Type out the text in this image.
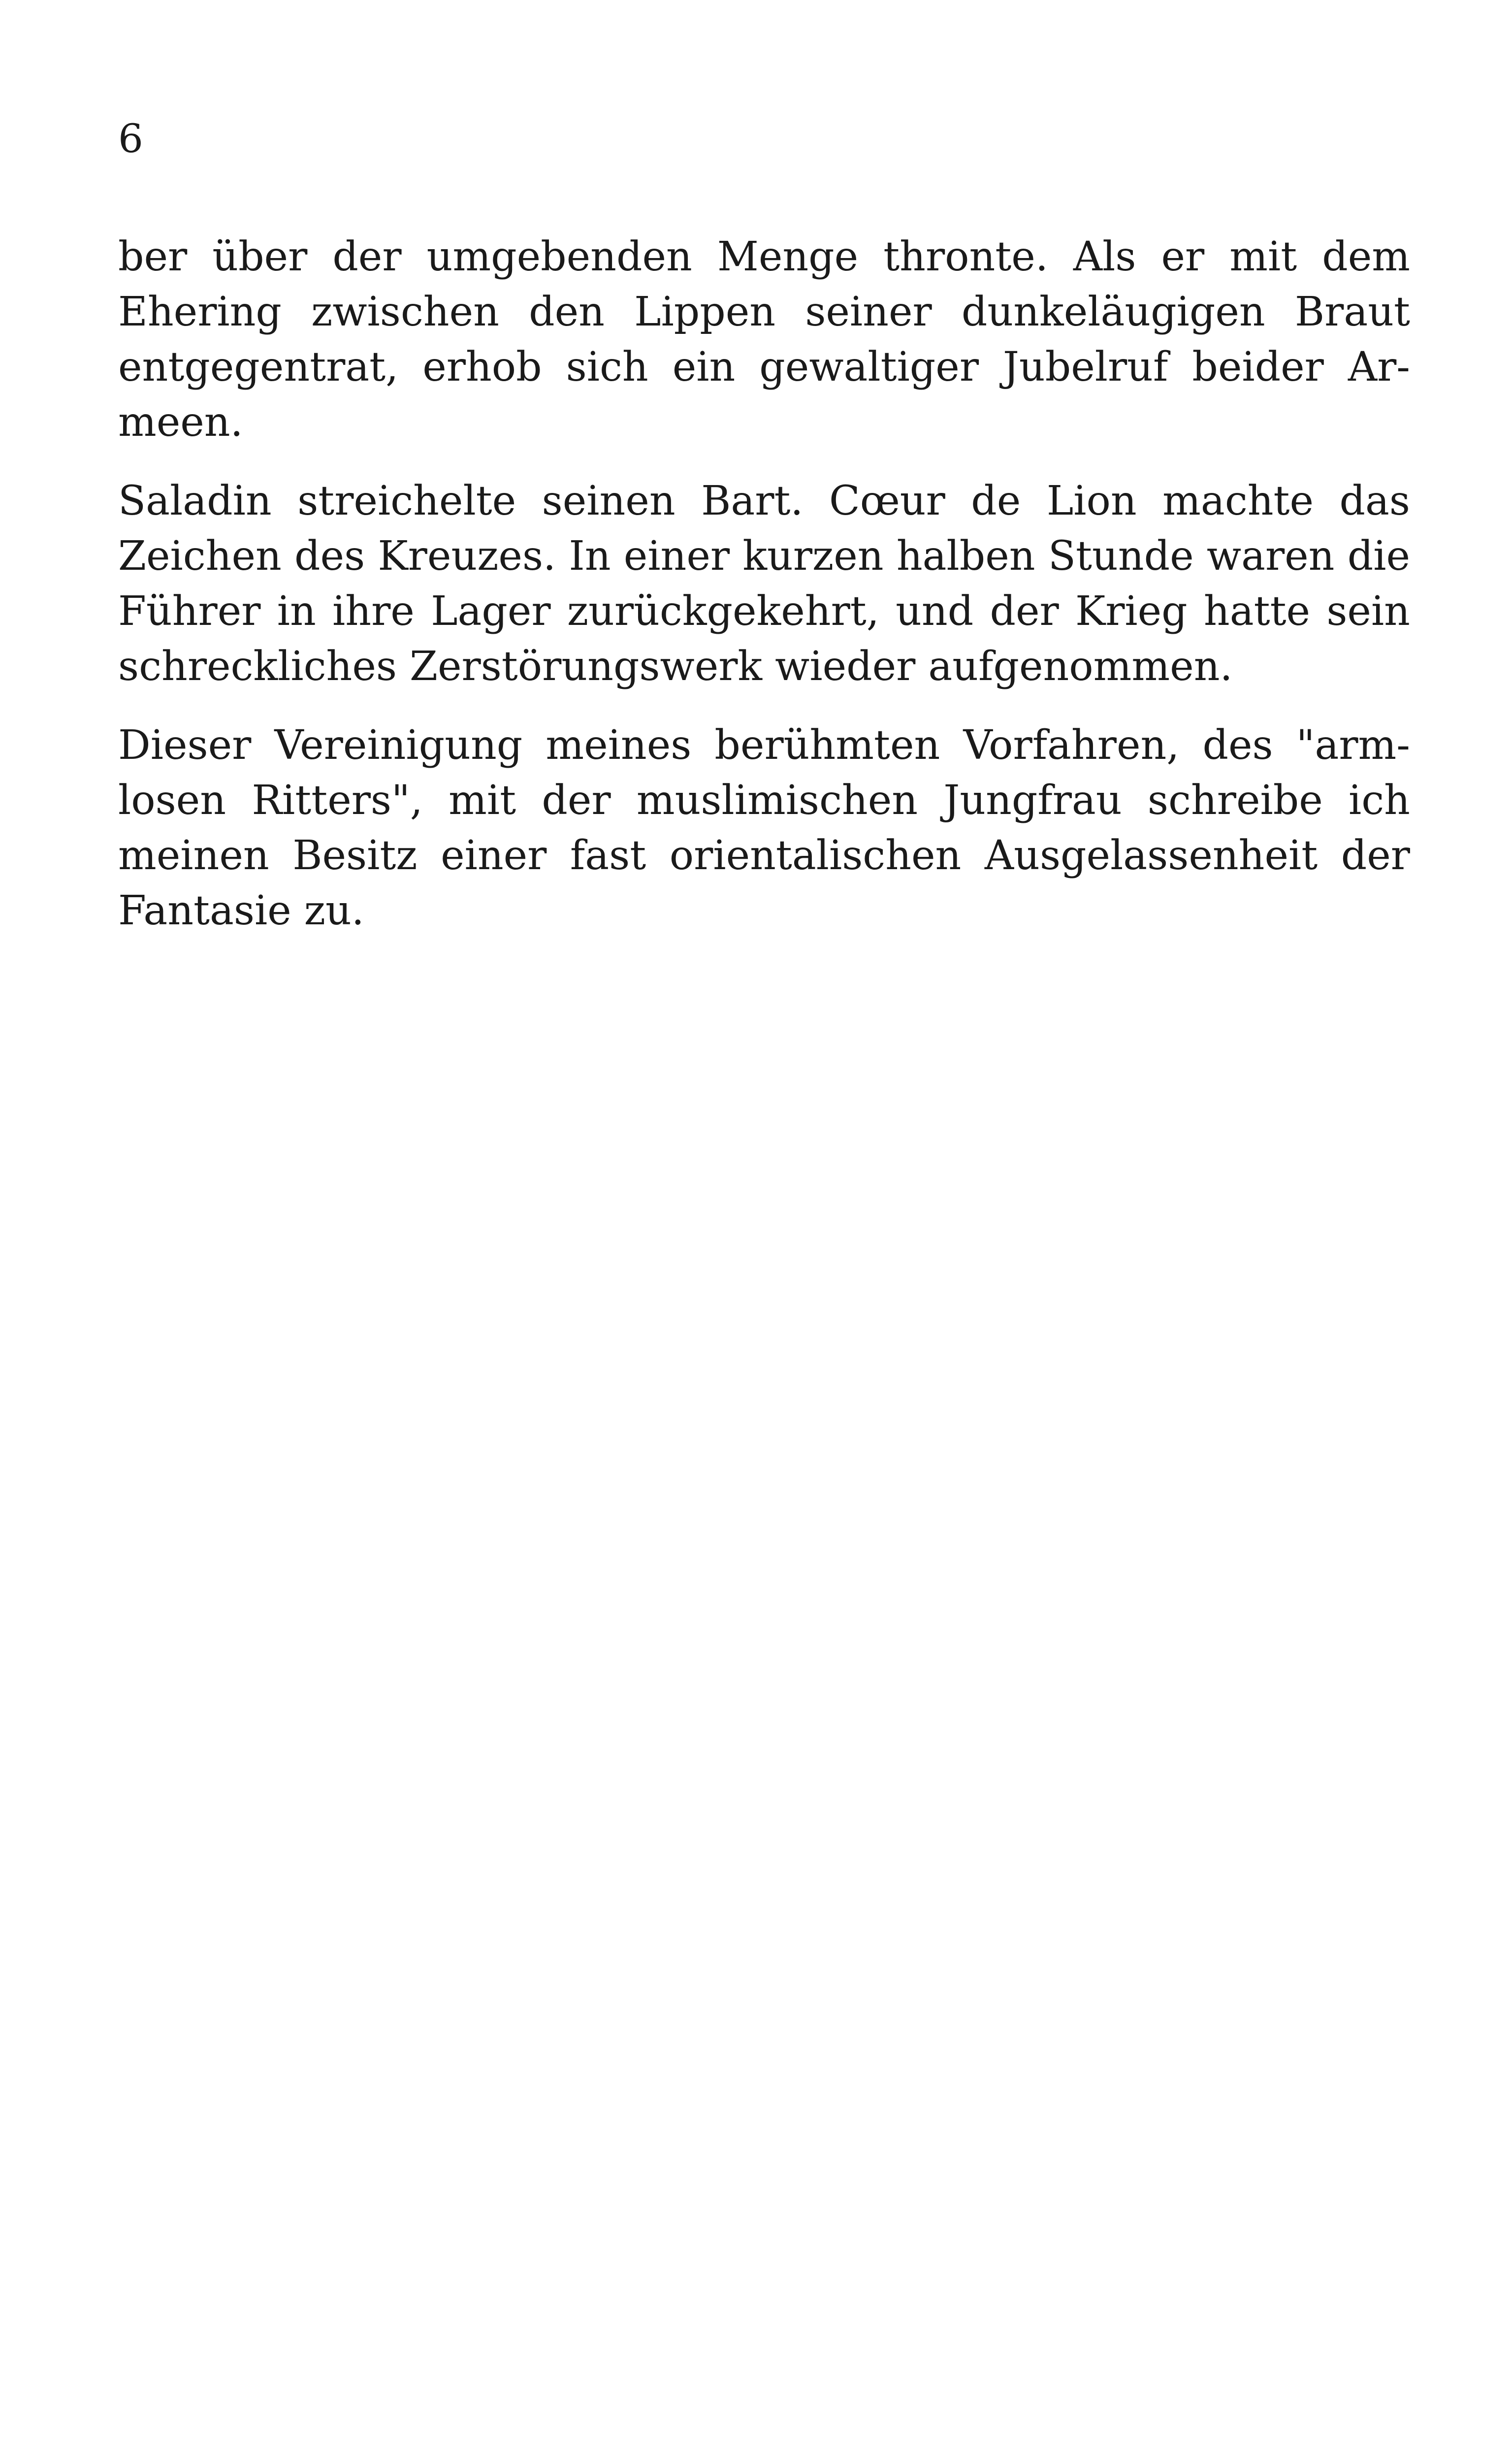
6

ber über der umgebenden Menge thronte. Als er mit dem Ehering zwischen den Lippen seiner dunkeläugigen Braut entgegentrat, erhob sich ein gewaltiger Jubelruf beider Armeen.

Saladin streichelte seinen Bart. Cœur de Lion machte das Zeichen des Kreuzes. In einer kurzen halben Stunde waren die Führer in ihre Lager zurückgekehrt, und der Krieg hatte sein schreckliches Zerstörungswerk wieder aufgenommen.

Dieser Vereinigung meines berühmten Vorfahren, des "armlosen Ritters", mit der muslimischen Jungfrau schreibe ich meinen Besitz einer fast orientalischen Ausgelassenheit der Fantasie zu.
